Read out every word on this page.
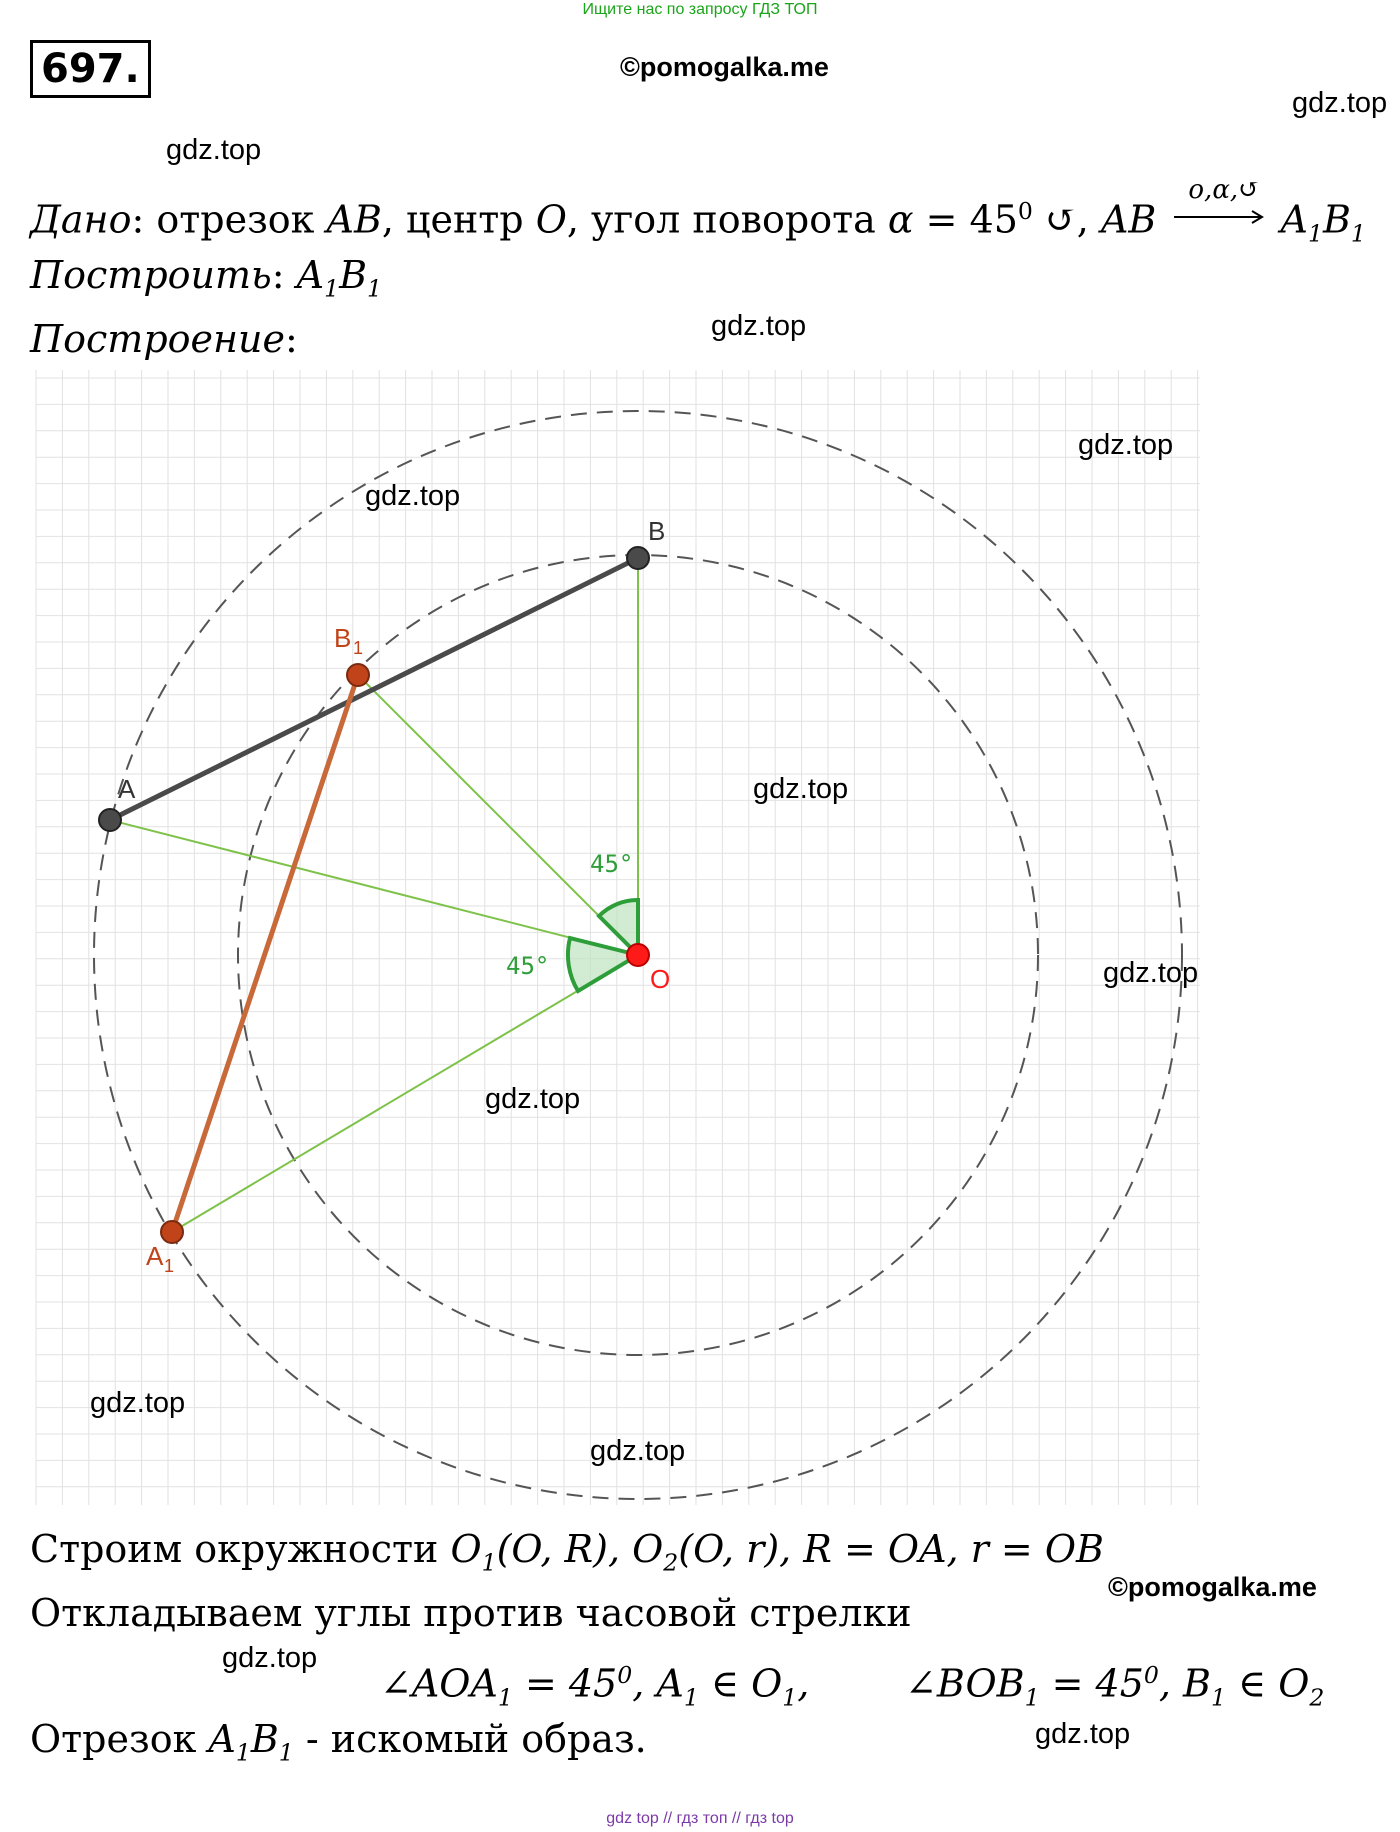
Ищите нас по запросу ГДЗ ТОП
697.	©pomogalka.me
gdz.top
gdz.top
Дано: отрезок AB, центр O, угол поворота $\alpha = 45^0$ ↺, AB
o,α,↺
$A_1B_1$
Построить: $A_1B_1$
Построение:	gdz.top
A
B
O
A 1
B 1
45°
45°
gdz.top
gdz.top
gdz.top
gdz.top
gdz.top
gdz.top
gdz.top
Строим окружности $O_1(O$, R), $O_2(O$, r), R = OA, r = OB
©pomogalka.me
Откладываем углы против часовой стрелки
gdz.top
$\angle AOA_1 = 45^0$, $A_1$ ∈ $O_1$,	$\angle BOB_1 = 45^0$, $B_1$ ∈ $O_2$
Отрезок $A_1B_1$ - искомый образ.	gdz.top
gdz top // гдз топ // гдз top
